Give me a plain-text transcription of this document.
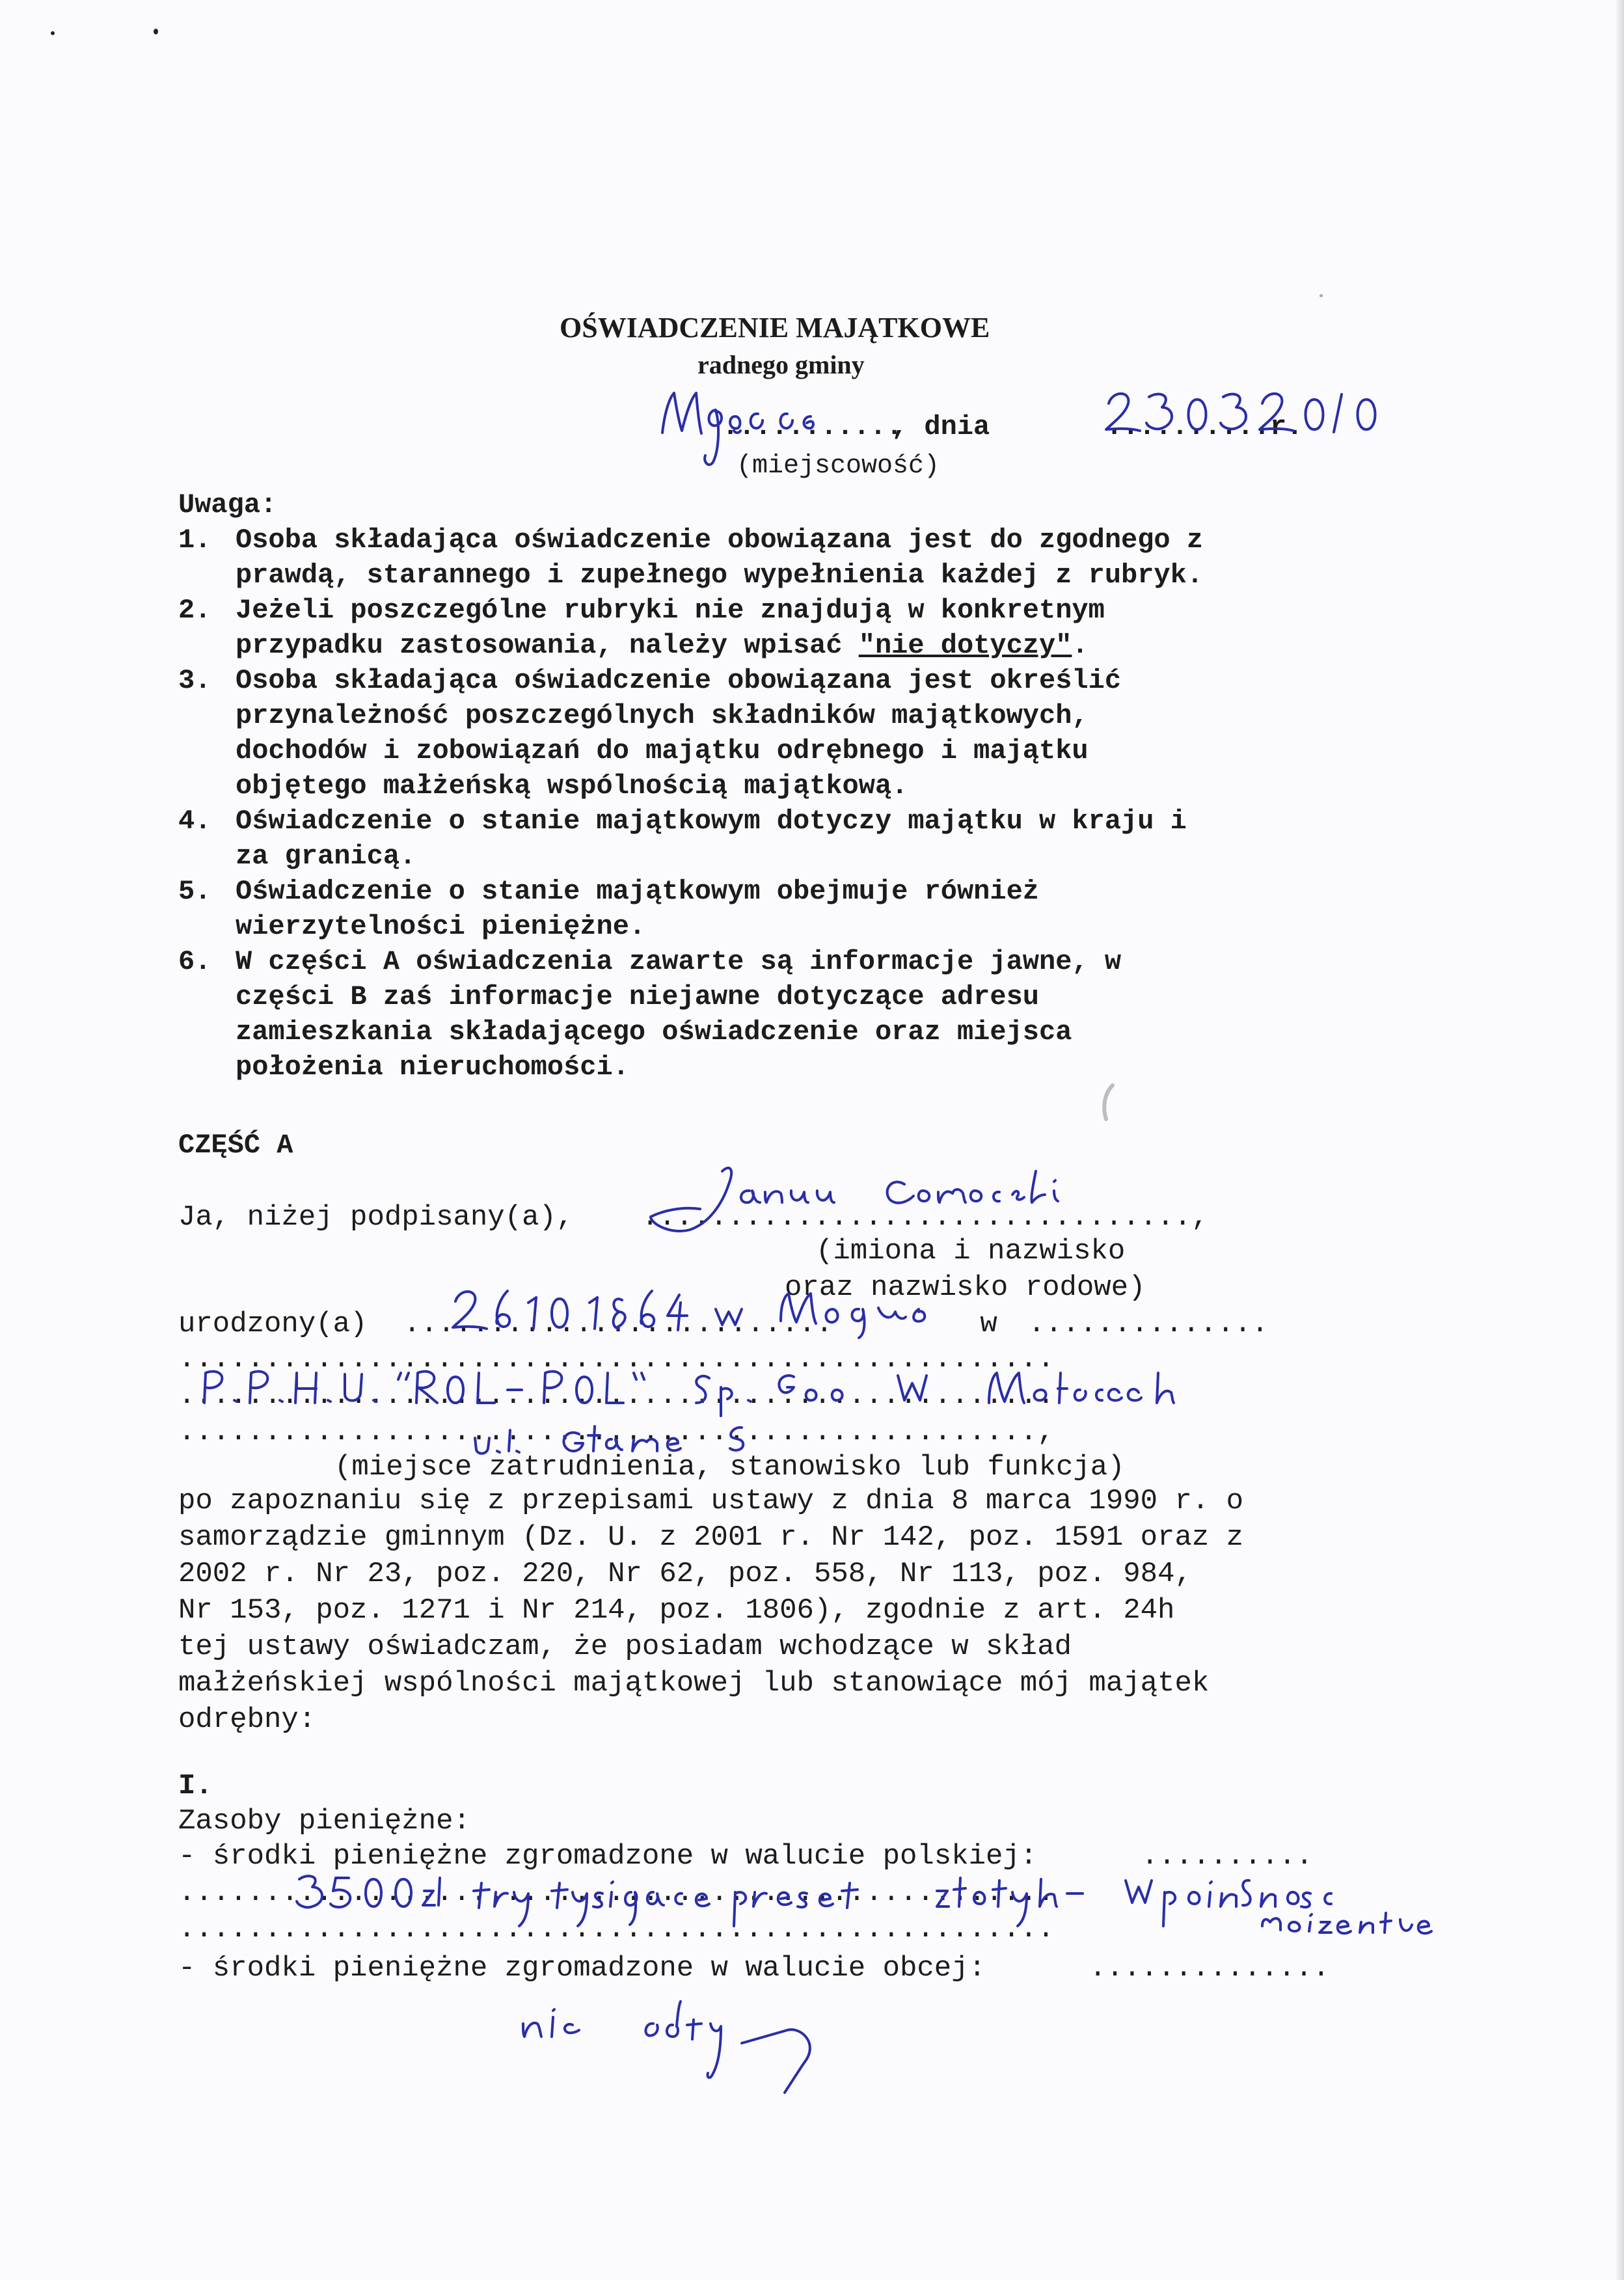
OŚWIADCZENIE MAJĄTKOWE
radnego gminy
...........
, dnia	..........r.
(miejscowość)
Uwaga:
1. Osoba składająca oświadczenie obowiązana jest do zgodnego z
prawdą, starannego i zupełnego wypełnienia każdej z rubryk.
2. Jeżeli poszczególne rubryki nie znajdują w konkretnym
przypadku zastosowania, należy wpisać "nie dotyczy".
3. Osoba składająca oświadczenie obowiązana jest określić
przynależność poszczególnych składników majątkowych,
dochodów i zobowiązań do majątku odrębnego i majątku
objętego małżeńską wspólnością majątkową.
4. Oświadczenie o stanie majątkowym dotyczy majątku w kraju i
za granicą.
5. Oświadczenie o stanie majątkowym obejmuje również
wierzytelności pieniężne.
6. W części A oświadczenia zawarte są informacje jawne, w
części B zaś informacje niejawne dotyczące adresu
zamieszkania składającego oświadczenie oraz miejsca
położenia nieruchomości.
CZĘŚĆ A
Ja, niżej podpisany(a), ................................,
(imiona i nazwisko
oraz nazwisko rodowe)
urodzony(a) .........................	w ..............
...................................................
...................................................
..................................................,
(miejsce zatrudnienia, stanowisko lub funkcja)
po zapoznaniu się z przepisami ustawy z dnia 8 marca 1990 r. o
samorządzie gminnym (Dz. U. z 2001 r. Nr 142, poz. 1591 oraz z
2002 r. Nr 23, poz. 220, Nr 62, poz. 558, Nr 113, poz. 984,
Nr 153, poz. 1271 i Nr 214, poz. 1806), zgodnie z art. 24h
tej ustawy oświadczam, że posiadam wchodzące w skład
małżeńskiej wspólności majątkowej lub stanowiące mój majątek
odrębny:
I.
Zasoby pieniężne:
- środki pieniężne zgromadzone w walucie polskiej:	..........
...................................................
...................................................
- środki pieniężne zgromadzone w walucie obcej:	..............
